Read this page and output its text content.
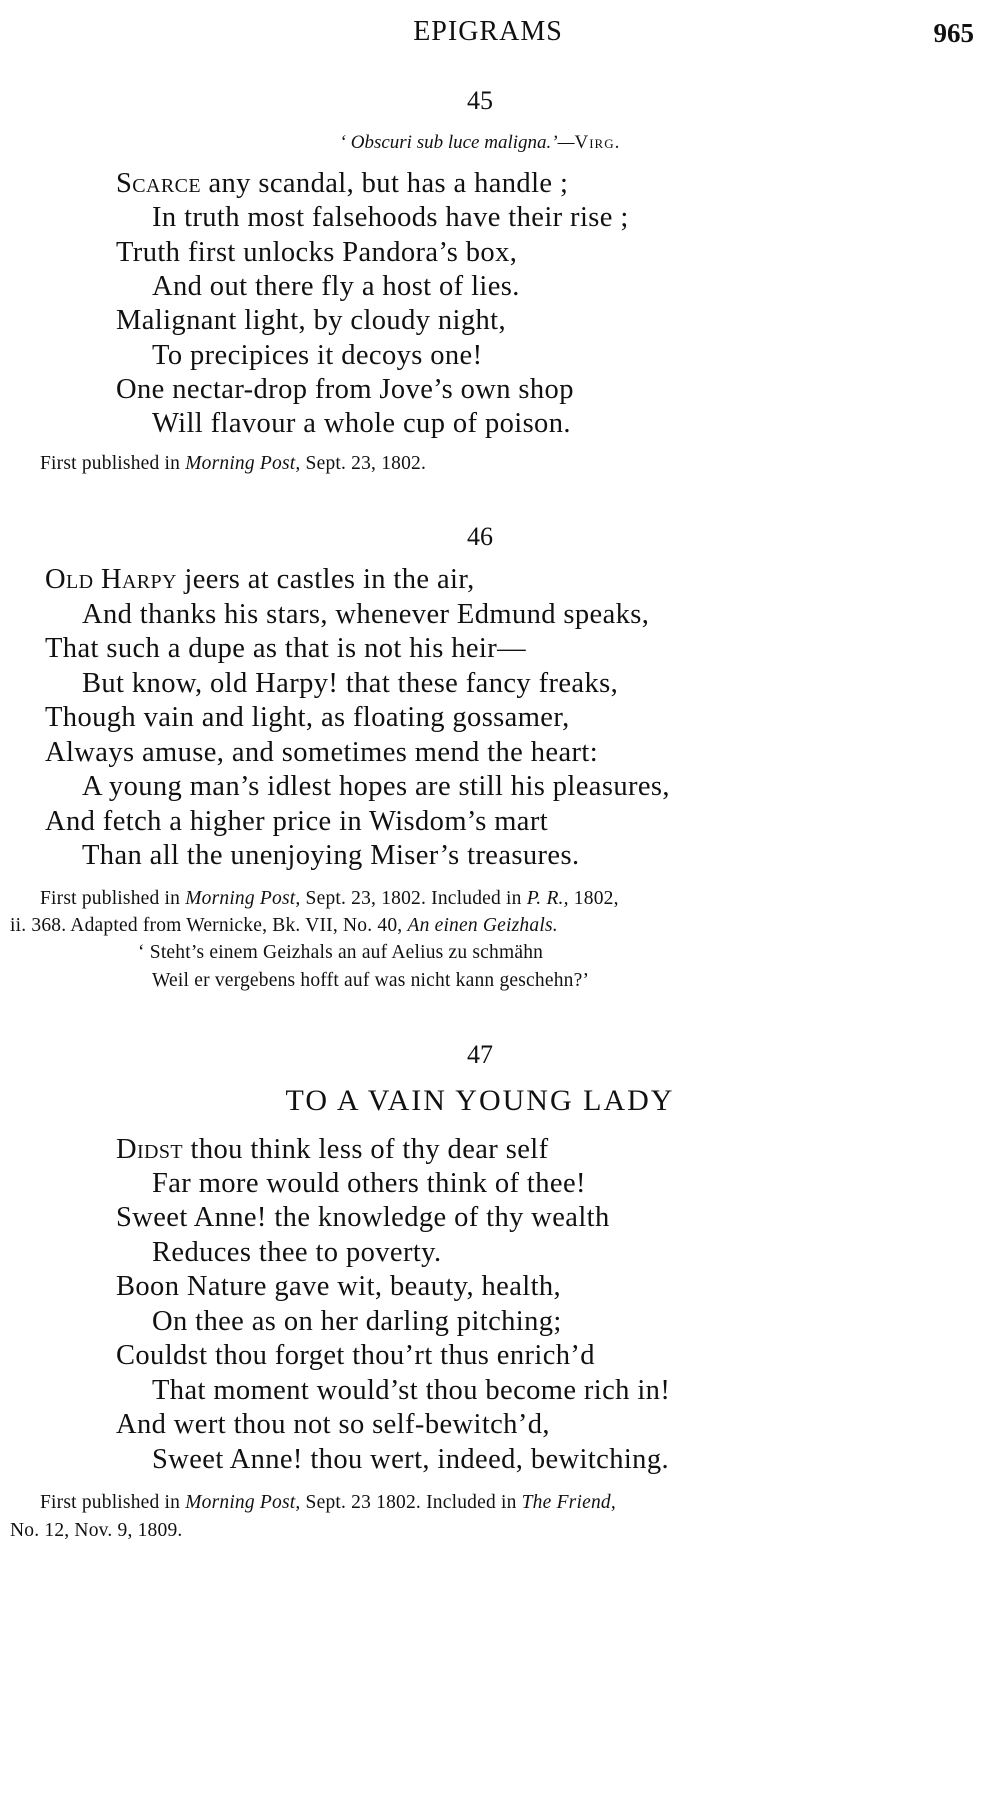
EPIGRAMS	965
45
‘ Obscuri sub luce maligna.’—Virg.
Scarce any scandal, but has a handle ;
In truth most falsehoods have their rise ;
Truth first unlocks Pandora’s box,
And out there fly a host of lies.
Malignant light, by cloudy night,
To precipices it decoys one!
One nectar-drop from Jove’s own shop
Will flavour a whole cup of poison.
First published in Morning Post, Sept. 23, 1802.
46
Old Harpy jeers at castles in the air,
And thanks his stars, whenever Edmund speaks,
That such a dupe as that is not his heir—
But know, old Harpy! that these fancy freaks,
Though vain and light, as floating gossamer,
Always amuse, and sometimes mend the heart:
A young man’s idlest hopes are still his pleasures,
And fetch a higher price in Wisdom’s mart
Than all the unenjoying Miser’s treasures.
First published in Morning Post, Sept. 23, 1802. Included in P. R., 1802,
ii. 368. Adapted from Wernicke, Bk. VII, No. 40, An einen Geizhals.
‘ Steht’s einem Geizhals an auf Aelius zu schmähn
Weil er vergebens hofft auf was nicht kann geschehn?’
47
TO A VAIN YOUNG LADY
Didst thou think less of thy dear self
Far more would others think of thee!
Sweet Anne! the knowledge of thy wealth
Reduces thee to poverty.
Boon Nature gave wit, beauty, health,
On thee as on her darling pitching;
Couldst thou forget thou’rt thus enrich’d
That moment would’st thou become rich in!
And wert thou not so self-bewitch’d,
Sweet Anne! thou wert, indeed, bewitching.
First published in Morning Post, Sept. 23 1802. Included in The Friend,
No. 12, Nov. 9, 1809.
